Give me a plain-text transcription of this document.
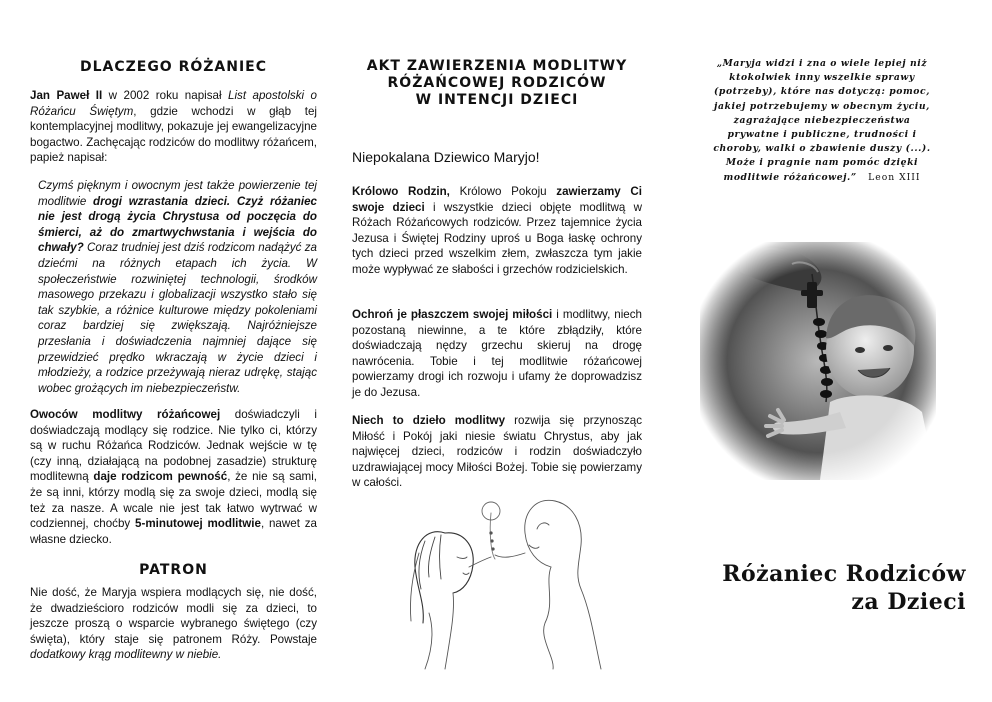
DLACZEGO RÓŻANIEC

Jan Paweł II w 2002 roku napisał List apostolski o Różańcu Świętym, gdzie wchodzi w głąb tej kontemplacyjnej modlitwy, pokazuje jej ewangelizacyjne bogactwo. Zachęcając rodziców do modlitwy różańcem, papież napisał:

Czymś pięknym i owocnym jest także powierzenie tej modlitwie drogi wzrastania dzieci. Czyż różaniec nie jest drogą życia Chrystusa od poczęcia do śmierci, aż do zmartwychwstania i wejścia do chwały? Coraz trudniej jest dziś rodzicom nadążyć za dziećmi na różnych etapach ich życia. W społeczeństwie rozwiniętej technologii, środków masowego przekazu i globalizacji wszystko stało się tak szybkie, a różnice kulturowe między pokoleniami coraz bardziej się zwiększają. Najróżniejsze przesłania i doświadczenia najmniej dające się przewidzieć prędko wkraczają w życie dzieci i młodzieży, a rodzice przeżywają nieraz udrękę, stając wobec grożących im niebezpieczeństw.

Owoców modlitwy różańcowej doświadczyli i doświadczają modlący się rodzice. Nie tylko ci, którzy są w ruchu Różańca Rodziców. Jednak wejście w tę (czy inną, działającą na podobnej zasadzie) strukturę modlitewną daje rodzicom pewność, że nie są sami, że są inni, którzy modlą się za swoje dzieci, modlą się też za nasze. A wcale nie jest tak łatwo wytrwać w codziennej, choćby 5-minutowej modlitwie, nawet za własne dziecko.

PATRON

Nie dość, że Maryja wspiera modlących się, nie dość, że dwadzieścioro rodziców modli się za dzieci, to jeszcze proszą o wsparcie wybranego świętego (czy święta), który staje się patronem Róży. Powstaje dodatkowy krąg modlitewny w niebie.

AKT ZAWIERZENIA MODLITWY
RÓŻAŃCOWEJ RODZICÓW
W INTENCJI DZIECI
Niepokalana Dziewico Maryjo!

Królowo Rodzin, Królowo Pokoju zawierzamy Ci swoje dzieci i wszystkie dzieci objęte modlitwą w Różach Różańcowych rodziców. Przez tajemnice życia Jezusa i Świętej Rodziny uproś u Boga łaskę ochrony tych dzieci przed wszelkim złem, zwłaszcza tym jakie może wypływać ze słabości i grzechów rodzicielskich.

Ochroń je płaszczem swojej miłości i modlitwy, niech pozostaną niewinne, a te które zbłądziły, które doświadczają nędzy grzechu skieruj na drogę nawrócenia. Tobie i tej modlitwie różańcowej powierzamy drogi ich rozwoju i ufamy że doprowadzisz je do Jezusa.

Niech to dzieło modlitwy rozwija się przynosząc Miłość i Pokój jaki niesie światu Chrystus, aby jak najwięcej dzieci, rodziców i rodzin doświadczyło uzdrawiającej mocy Miłości Bożej. Tobie się powierzamy w całości.

„Maryja widzi i zna o wiele lepiej niż
ktokolwiek inny wszelkie sprawy
(potrzeby), które nas dotyczą: pomoc,
jakiej potrzebujemy w obecnym życiu,
zagrażające niebezpieczeństwa
prywatne i publiczne, trudności i
choroby, walki o zbawienie duszy (...).
Może i pragnie nam pomóc dzięki
modlitwie różańcowej.” Leon XIII
Różaniec Rodziców
za Dzieci
